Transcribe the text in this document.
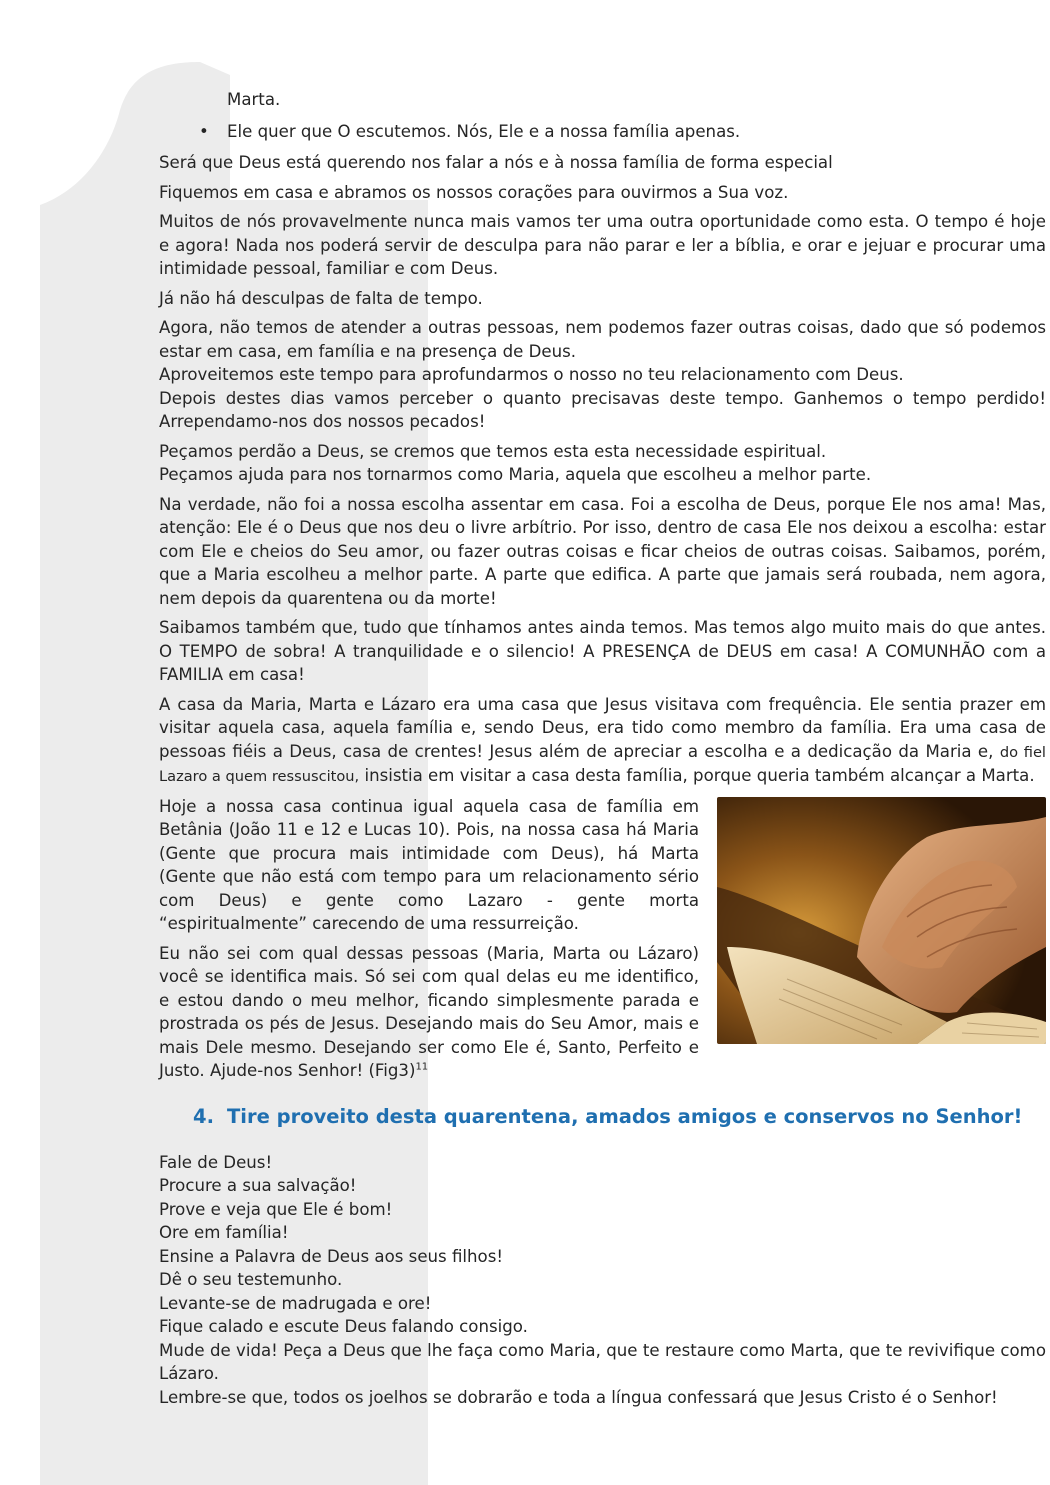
Marta.

• Ele quer que O escutemos. Nós, Ele e a nossa família apenas.

Será que Deus está querendo nos falar a nós e à nossa família de forma especial

Fiquemos em casa e abramos os nossos corações para ouvirmos a Sua voz.

Muitos de nós provavelmente nunca mais vamos ter uma outra oportunidade como esta. O tempo é hoje e agora! Nada nos poderá servir de desculpa para não parar e ler a bíblia, e orar e jejuar e procurar uma intimidade pessoal, familiar e com Deus.

Já não há desculpas de falta de tempo.

Agora, não temos de atender a outras pessoas, nem podemos fazer outras coisas, dado que só podemos estar em casa, em família e na presença de Deus.

Aproveitemos este tempo para aprofundarmos o nosso no teu relacionamento com Deus.

Depois destes dias vamos perceber o quanto precisavas deste tempo. Ganhemos o tempo perdido! Arrependamo-nos dos nossos pecados!

Peçamos perdão a Deus, se cremos que temos esta esta necessidade espiritual.

Peçamos ajuda para nos tornarmos como Maria, aquela que escolheu a melhor parte.

Na verdade, não foi a nossa escolha assentar em casa. Foi a escolha de Deus, porque Ele nos ama! Mas, atenção: Ele é o Deus que nos deu o livre arbítrio. Por isso, dentro de casa Ele nos deixou a escolha: estar com Ele e cheios do Seu amor, ou fazer outras coisas e ficar cheios de outras coisas. Saibamos, porém, que a Maria escolheu a melhor parte. A parte que edifica. A parte que jamais será roubada, nem agora, nem depois da quarentena ou da morte!

Saibamos também que, tudo que tínhamos antes ainda temos. Mas temos algo muito mais do que antes. O TEMPO de sobra! A tranquilidade e o silencio! A PRESENÇA de DEUS em casa! A COMUNHÃO com a FAMILIA em casa!

A casa da Maria, Marta e Lázaro era uma casa que Jesus visitava com frequência. Ele sentia prazer em visitar aquela casa, aquela família e, sendo Deus, era tido como membro da família. Era uma casa de pessoas fiéis a Deus, casa de crentes! Jesus além de apreciar a escolha e a dedicação da Maria e, do fiel Lazaro a quem ressuscitou, insistia em visitar a casa desta família, porque queria também alcançar a Marta.

Hoje a nossa casa continua igual aquela casa de família em Betânia (João 11 e 12 e Lucas 10). Pois, na nossa casa há Maria (Gente que procura mais intimidade com Deus), há Marta (Gente que não está com tempo para um relacionamento sério com Deus) e gente como Lazaro - gente morta “espiritualmente” carecendo de uma ressurreição.

Eu não sei com qual dessas pessoas (Maria, Marta ou Lázaro) você se identifica mais. Só sei com qual delas eu me identifico, e estou dando o meu melhor, ficando simplesmente parada e prostrada os pés de Jesus. Desejando mais do Seu Amor, mais e mais Dele mesmo. Desejando ser como Ele é, Santo, Perfeito e Justo. Ajude-nos Senhor! $(Fig3)^{11}$

4. Tire proveito desta quarentena, amados amigos e conservos no Senhor!

Fale de Deus!

Procure a sua salvação!

Prove e veja que Ele é bom!

Ore em família!

Ensine a Palavra de Deus aos seus filhos!

Dê o seu testemunho.

Levante-se de madrugada e ore!

Fique calado e escute Deus falando consigo.

Mude de vida! Peça a Deus que lhe faça como Maria, que te restaure como Marta, que te revivifique como Lázaro.

Lembre-se que, todos os joelhos se dobrarão e toda a língua confessará que Jesus Cristo é o Senhor!
